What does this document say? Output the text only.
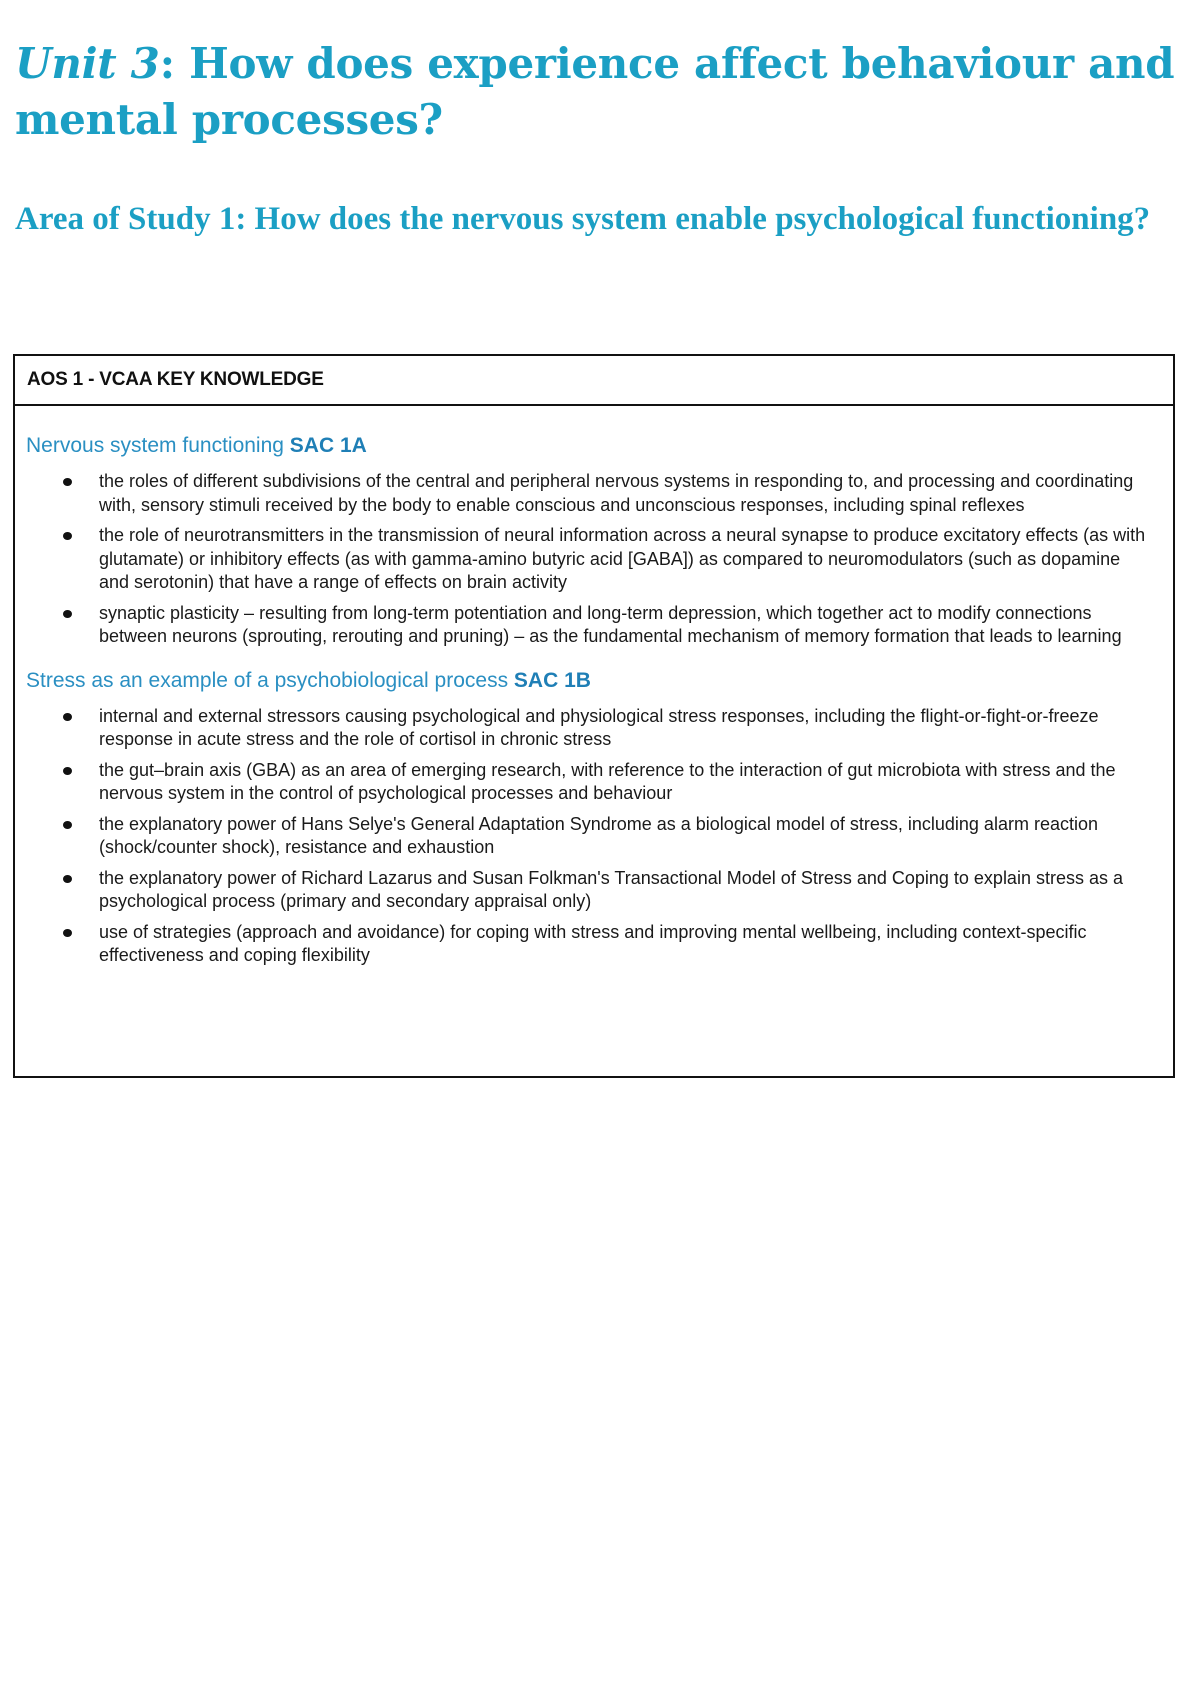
Unit 3: How does experience affect behaviour and mental processes?
Area of Study 1: How does the nervous system enable psychological functioning?
AOS 1 - VCAA KEY KNOWLEDGE
Nervous system functioning SAC 1A
the roles of different subdivisions of the central and peripheral nervous systems in responding to, and processing and coordinating with, sensory stimuli received by the body to enable conscious and unconscious responses, including spinal reflexes
the role of neurotransmitters in the transmission of neural information across a neural synapse to produce excitatory effects (as with glutamate) or inhibitory effects (as with gamma-amino butyric acid [GABA]) as compared to neuromodulators (such as dopamine and serotonin) that have a range of effects on brain activity
synaptic plasticity – resulting from long-term potentiation and long-term depression, which together act to modify connections between neurons (sprouting, rerouting and pruning) – as the fundamental mechanism of memory formation that leads to learning
Stress as an example of a psychobiological process SAC 1B
internal and external stressors causing psychological and physiological stress responses, including the flight-or-fight-or-freeze response in acute stress and the role of cortisol in chronic stress
the gut–brain axis (GBA) as an area of emerging research, with reference to the interaction of gut microbiota with stress and the nervous system in the control of psychological processes and behaviour
the explanatory power of Hans Selye's General Adaptation Syndrome as a biological model of stress, including alarm reaction (shock/counter shock), resistance and exhaustion
the explanatory power of Richard Lazarus and Susan Folkman's Transactional Model of Stress and Coping to explain stress as a psychological process (primary and secondary appraisal only)
use of strategies (approach and avoidance) for coping with stress and improving mental wellbeing, including context-specific effectiveness and coping flexibility
